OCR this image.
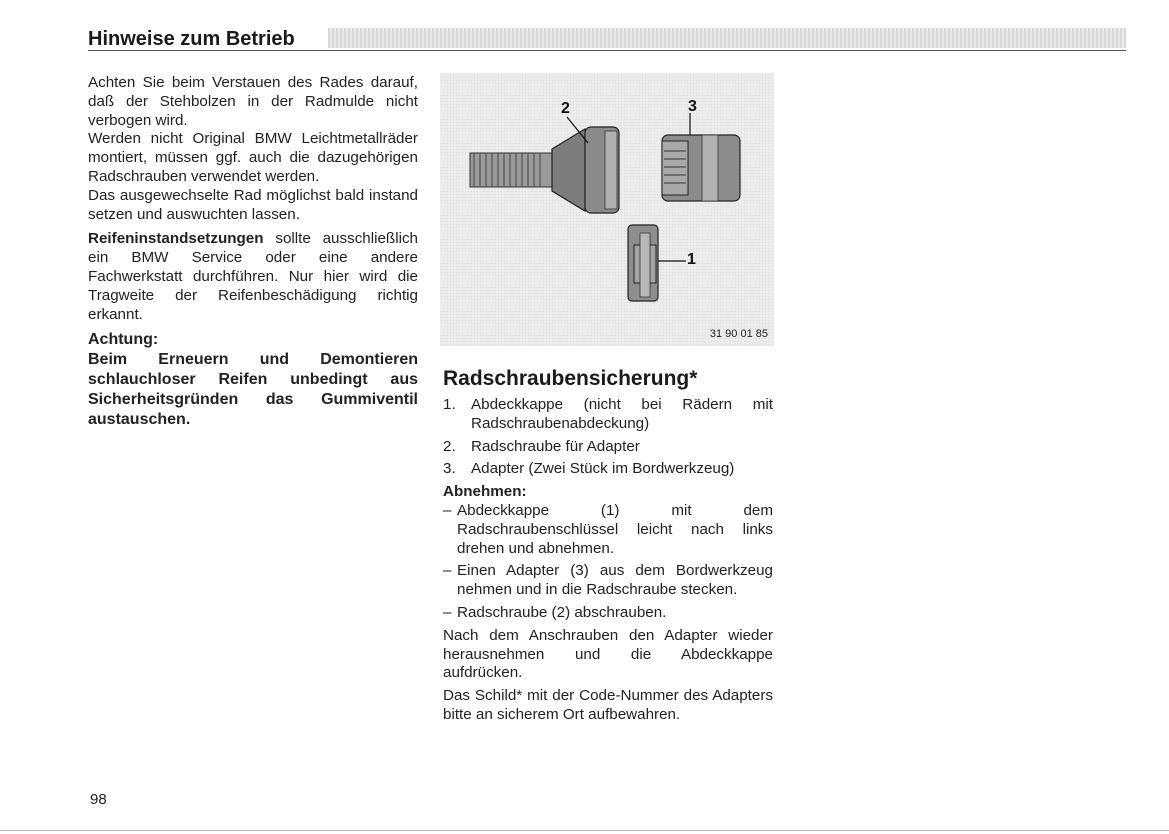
Hinweise zum Betrieb

Achten Sie beim Verstauen des Rades darauf, daß der Stehbolzen in der Radmulde nicht verbogen wird.

Werden nicht Original BMW Leichtmetallräder montiert, müssen ggf. auch die dazugehörigen Radschrauben verwendet werden.

Das ausgewechselte Rad möglichst bald instand setzen und auswuchten lassen.

Reifeninstandsetzungen sollte ausschließlich ein BMW Service oder eine andere Fachwerkstatt durchführen. Nur hier wird die Tragweite der Reifenbeschädigung richtig erkannt.

Achtung:

Beim Erneuern und Demontieren schlauchloser Reifen unbedingt aus Sicherheitsgründen das Gummiventil austauschen.

2	3
1
31 90 01 85
Radschraubensicherung*
1.	Abdeckkappe (nicht bei Rädern mit Radschraubenabdeckung)
2.	Radschraube für Adapter
3.	Adapter (Zwei Stück im Bordwerkzeug)

Abnehmen:

– Abdeckkappe (1) mit dem Radschraubenschlüssel leicht nach links drehen und abnehmen.
– Einen Adapter (3) aus dem Bordwerkzeug nehmen und in die Radschraube stecken.
– Radschraube (2) abschrauben.

Nach dem Anschrauben den Adapter wieder herausnehmen und die Abdeckkappe aufdrücken.

Das Schild* mit der Code-Nummer des Adapters bitte an sicherem Ort aufbewahren.

98
